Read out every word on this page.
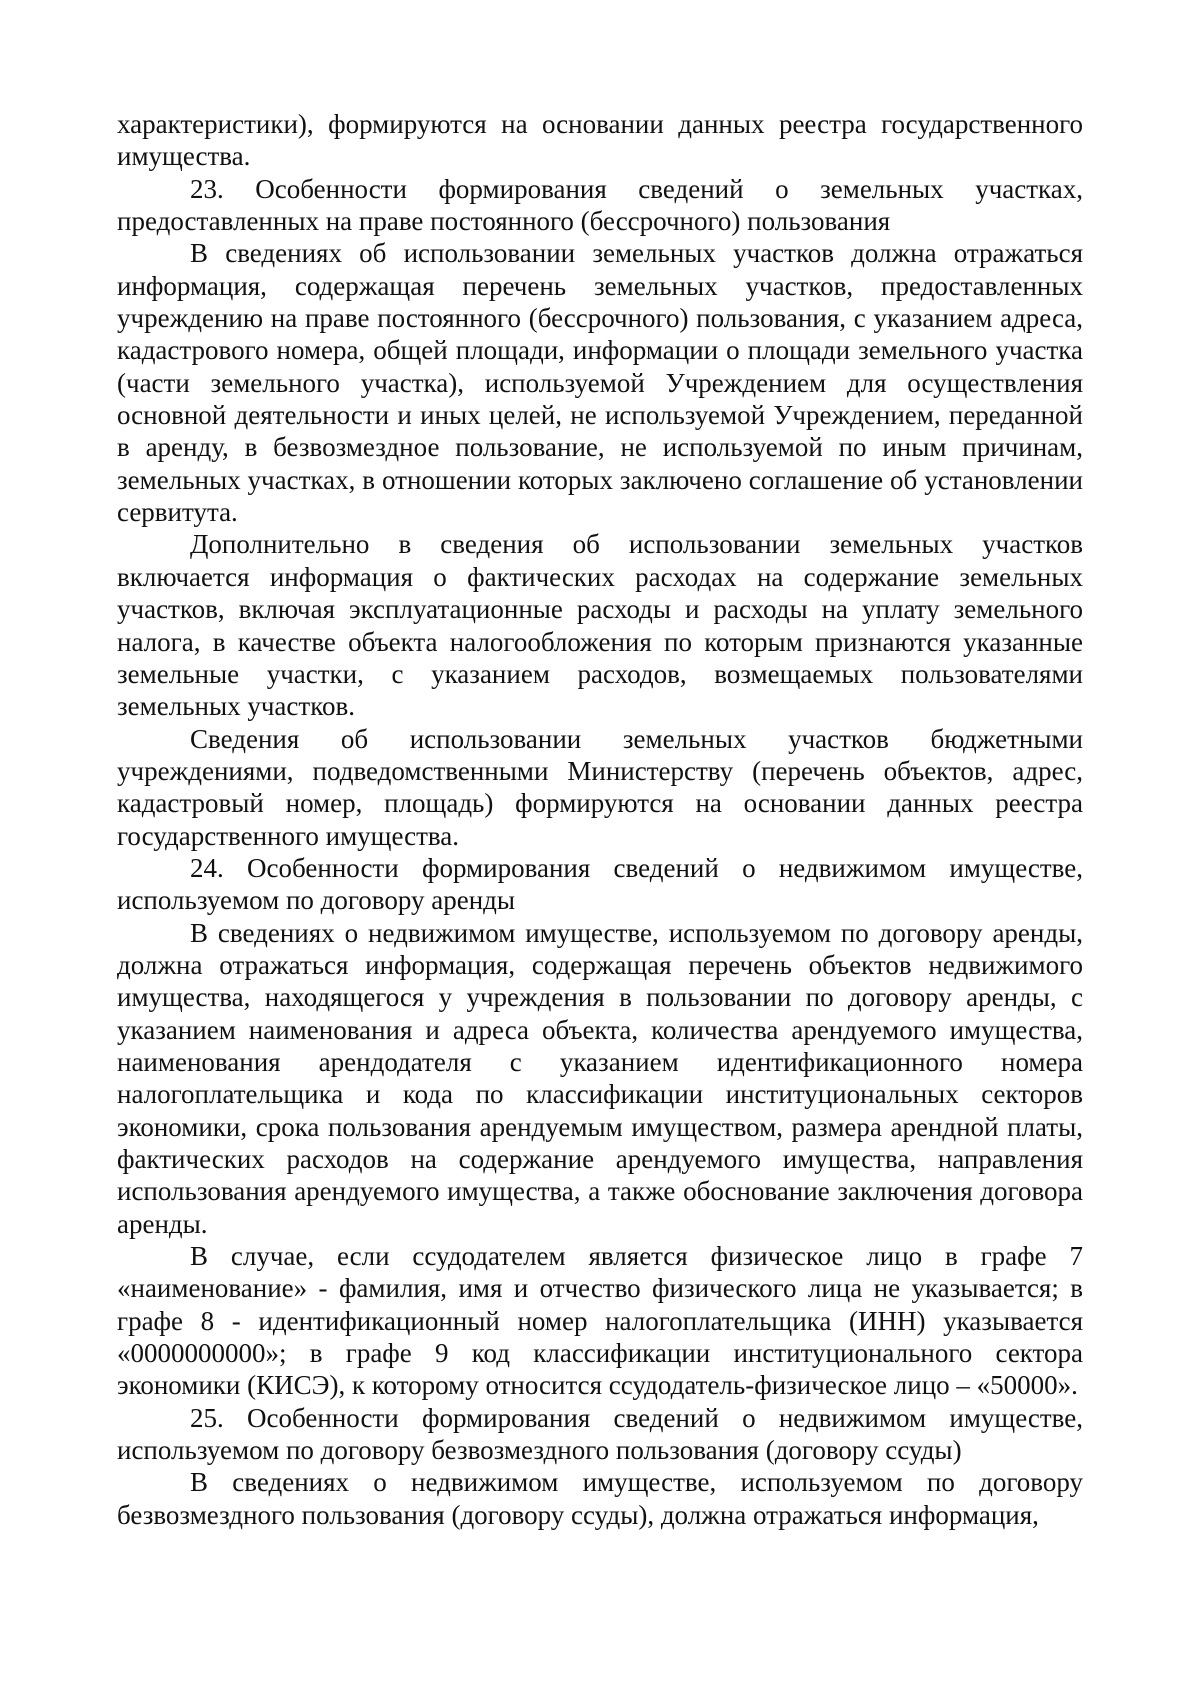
характеристики), формируются на основании данных реестра государственного имущества.

23. Особенности формирования сведений о земельных участках, предоставленных на праве постоянного (бессрочного) пользования

В сведениях об использовании земельных участков должна отражаться информация, содержащая перечень земельных участков, предоставленных учреждению на праве постоянного (бессрочного) пользования, с указанием адреса, кадастрового номера, общей площади, информации о площади земельного участка (части земельного участка), используемой Учреждением для осуществления основной деятельности и иных целей, не используемой Учреждением, переданной в аренду, в безвозмездное пользование, не используемой по иным причинам, земельных участках, в отношении которых заключено соглашение об установлении сервитута.

Дополнительно в сведения об использовании земельных участков включается информация о фактических расходах на содержание земельных участков, включая эксплуатационные расходы и расходы на уплату земельного налога, в качестве объекта налогообложения по которым признаются указанные земельные участки, с указанием расходов, возмещаемых пользователями земельных участков.

Сведения об использовании земельных участков бюджетными учреждениями, подведомственными Министерству (перечень объектов, адрес, кадастровый номер, площадь) формируются на основании данных реестра государственного имущества.

24. Особенности формирования сведений о недвижимом имуществе, используемом по договору аренды

В сведениях о недвижимом имуществе, используемом по договору аренды, должна отражаться информация, содержащая перечень объектов недвижимого имущества, находящегося у учреждения в пользовании по договору аренды, с указанием наименования и адреса объекта, количества арендуемого имущества, наименования арендодателя с указанием идентификационного номера налогоплательщика и кода по классификации институциональных секторов экономики, срока пользования арендуемым имуществом, размера арендной платы, фактических расходов на содержание арендуемого имущества, направления использования арендуемого имущества, а также обоснование заключения договора аренды.

В случае, если ссудодателем является физическое лицо в графе 7 «наименование» - фамилия, имя и отчество физического лица не указывается; в графе 8 - идентификационный номер налогоплательщика (ИНН) указывается «0000000000»; в графе 9 код классификации институционального сектора экономики (КИСЭ), к которому относится ссудодатель-физическое лицо – «50000».

25. Особенности формирования сведений о недвижимом имуществе, используемом по договору безвозмездного пользования (договору ссуды)

В сведениях о недвижимом имуществе, используемом по договору безвозмездного пользования (договору ссуды), должна отражаться информация,
